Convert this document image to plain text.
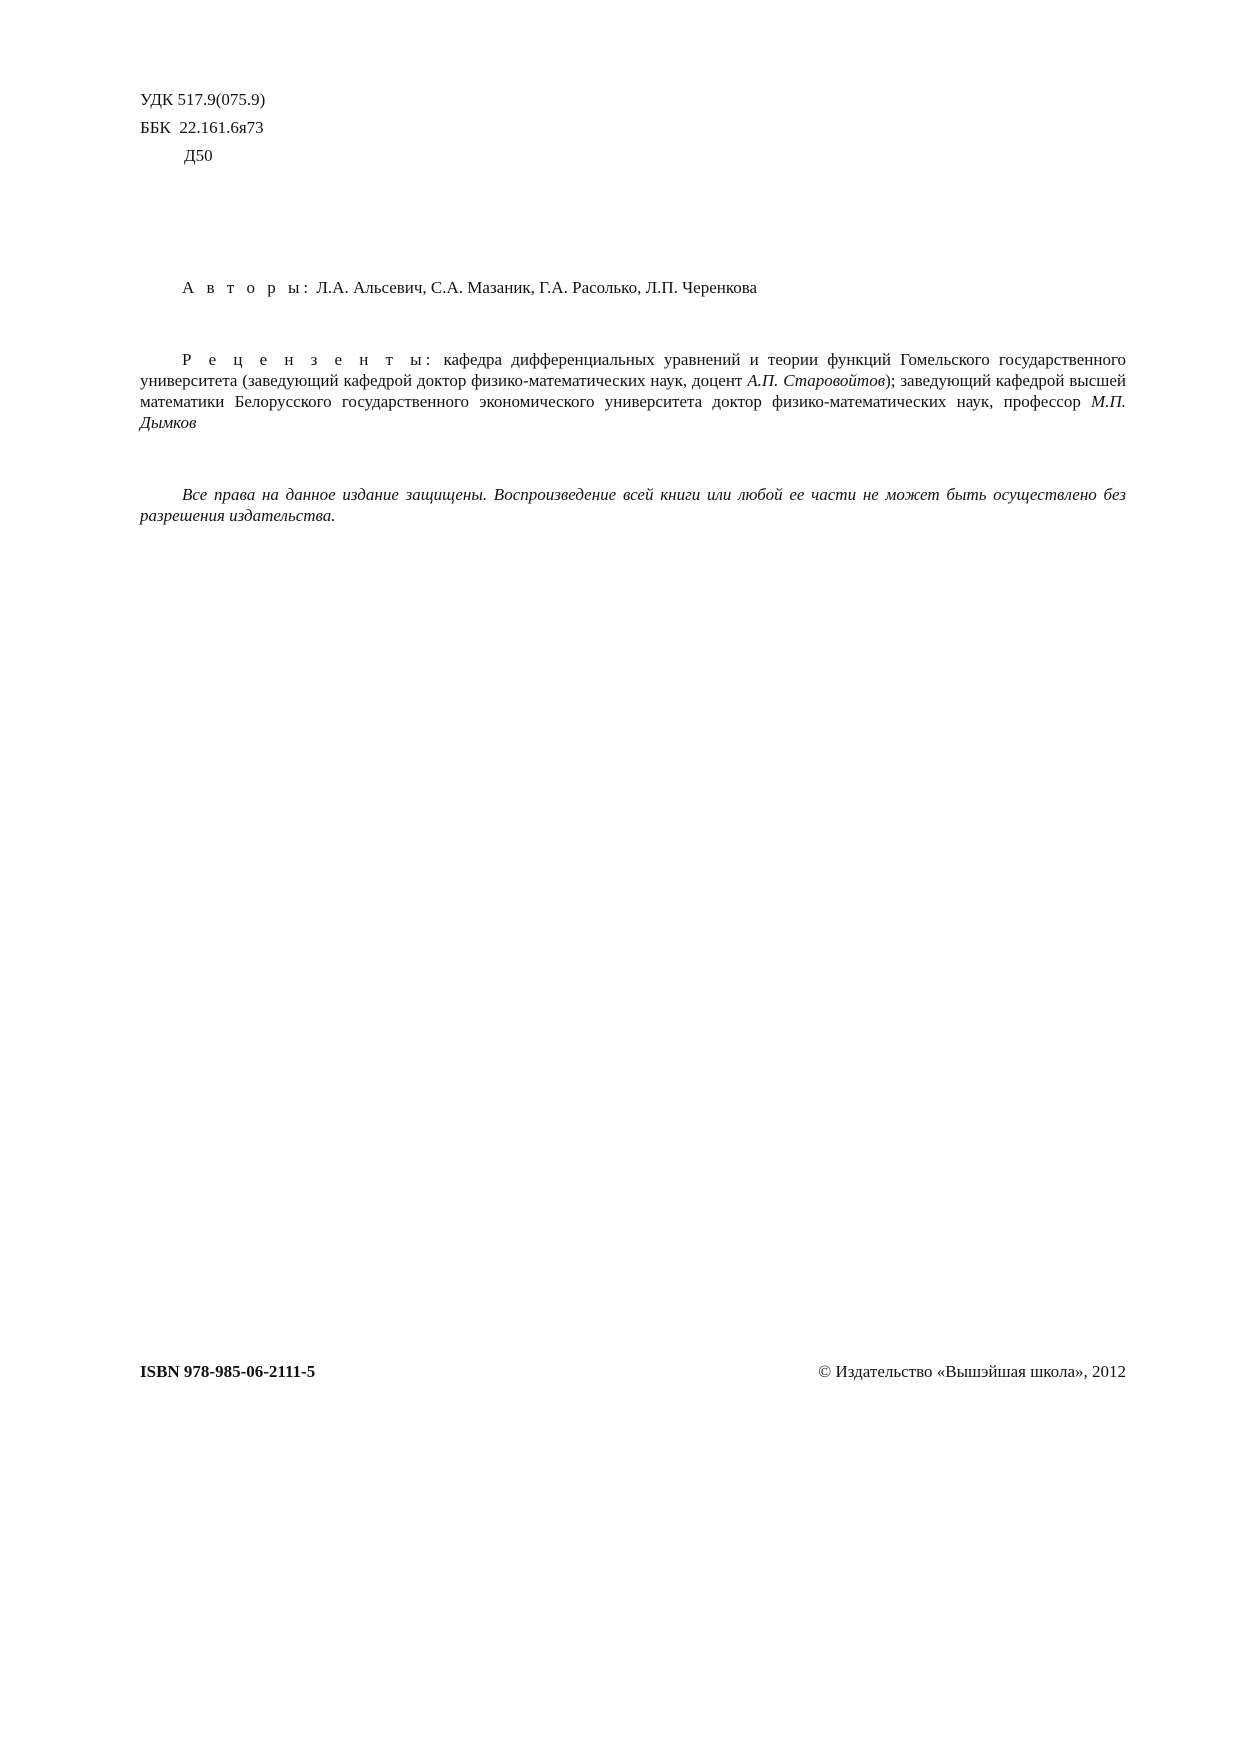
УДК 517.9(075.9)
ББК  22.161.6я73
Д50
А в т о р ы: Л.А. Альсевич, С.А. Мазаник, Г.А. Расолько, Л.П. Черенкова
Р е ц е н з е н т ы: кафедра дифференциальных уравнений и теории функций Гомельского государственного университета (заведующий кафедрой доктор физико-математических наук, доцент А.П. Старовойтов); заведующий кафедрой высшей математики Белорусского государственного экономического университета доктор физико-математических наук, профессор М.П. Дымков
Все права на данное издание защищены. Воспроизведение всей книги или любой ее части не может быть осуществлено без разрешения издательства.
ISBN 978-985-06-2111-5	© Издательство «Вышэйшая школа», 2012
